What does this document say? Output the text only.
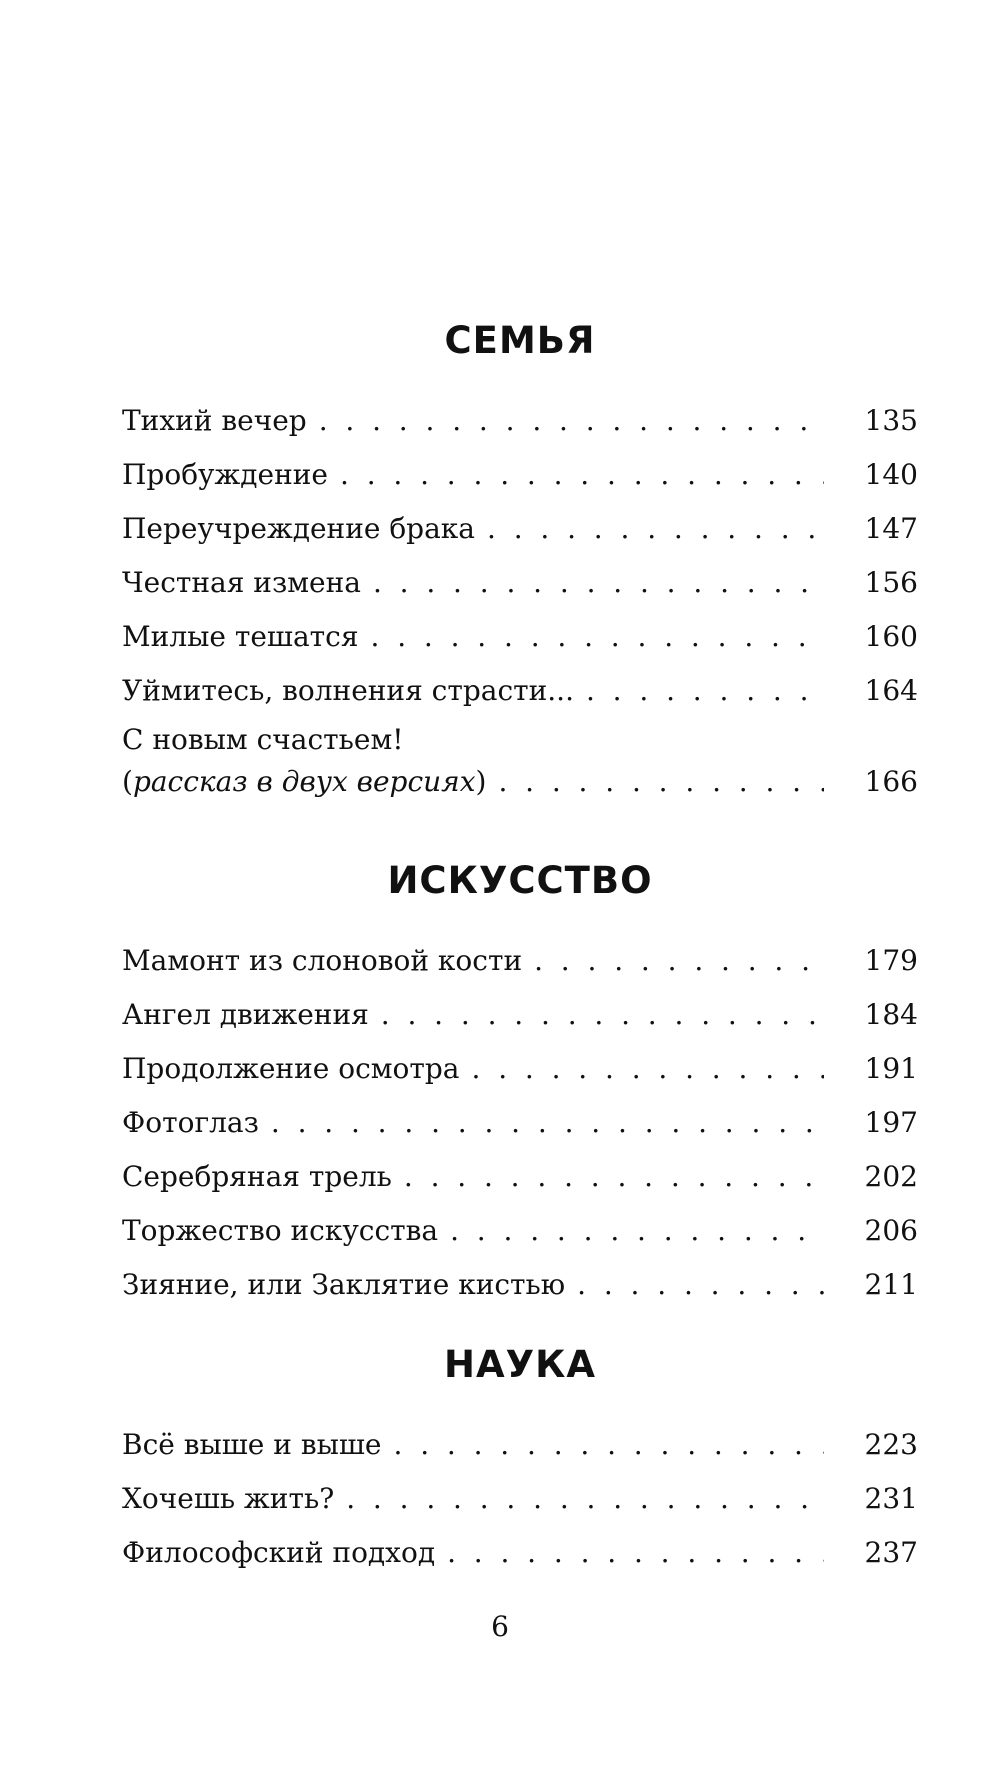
СЕМЬЯ
Тихий вечер . .	135
Пробуждение . .	140
Переучреждение брака . .	147
Честная измена . .	156
Милые тешатся . .	160
Уймитесь, волнения страсти... . .	164
С новым счастьем!
(рассказ в двух версиях) . .	166
ИСКУССТВО
Мамонт из слоновой кости . .	179
Ангел движения . .	184
Продолжение осмотра . .	191
Фотоглаз . .	197
Серебряная трель . .	202
Торжество искусства . .	206
Зияние, или Заклятие кистью . .	211
НАУКА
Всё выше и выше . .	223
Хочешь жить? . .	231
Философский подход . .	237
6
